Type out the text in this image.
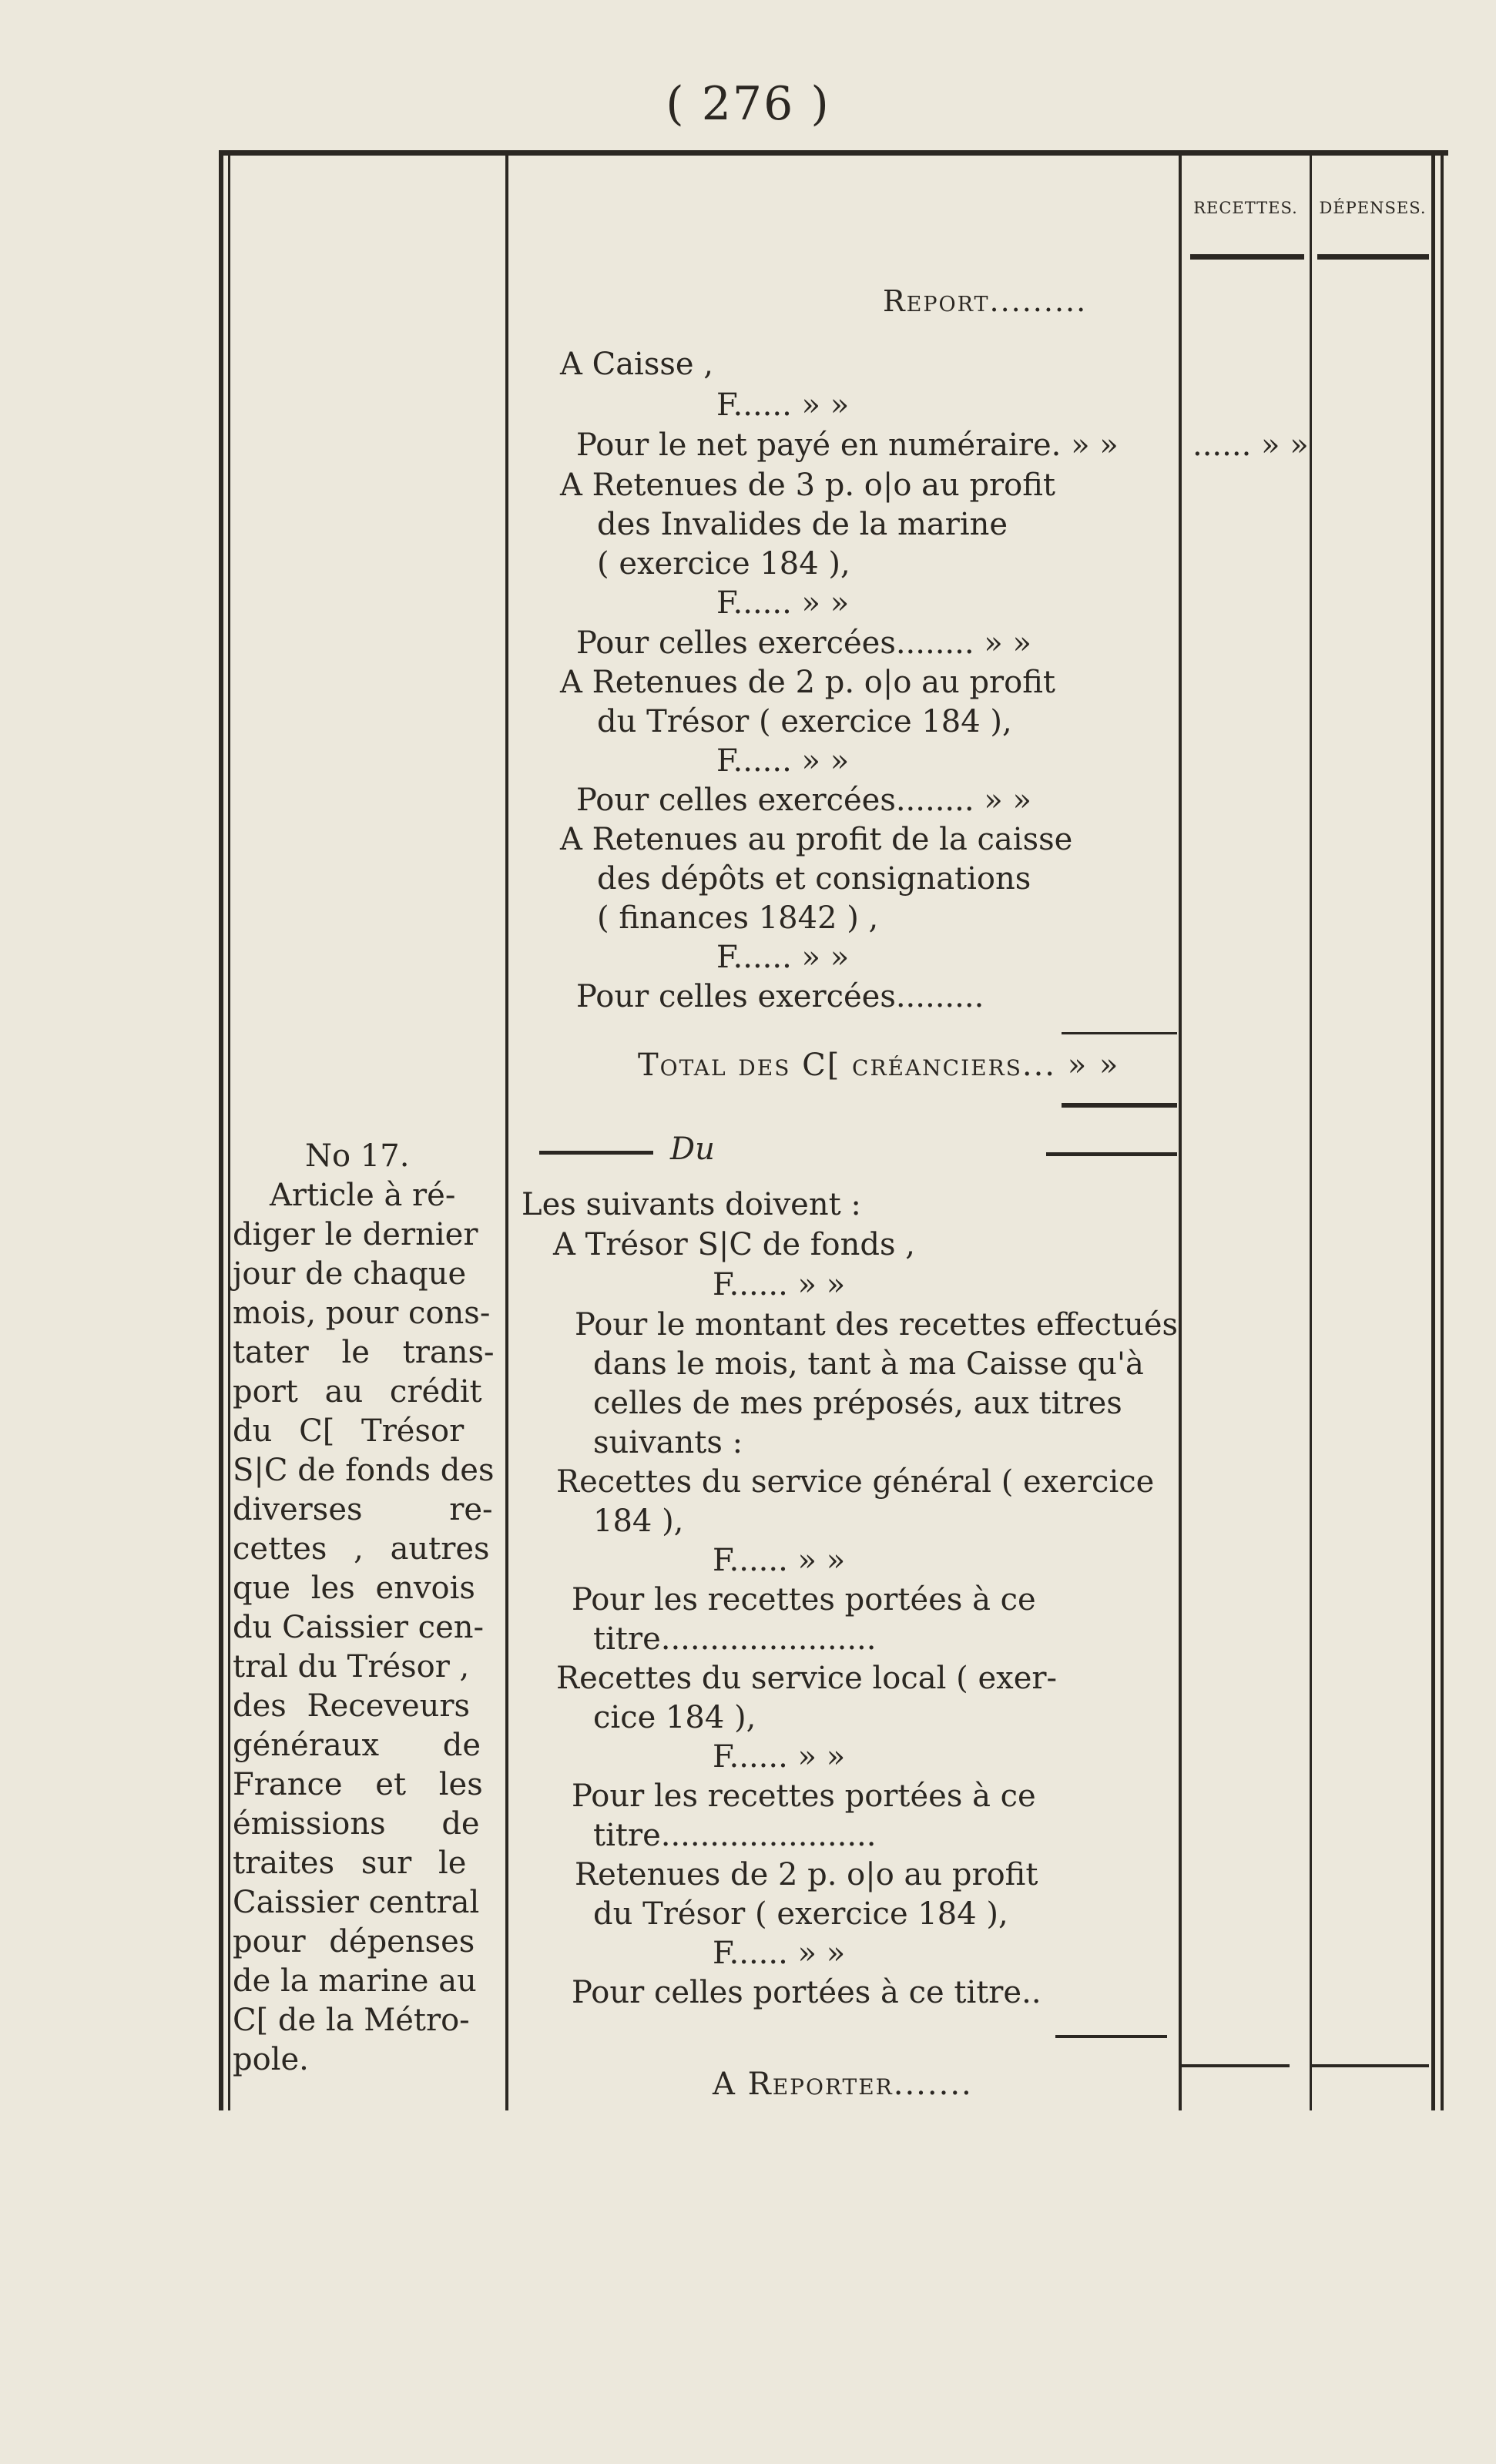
( 276 )
RECETTES.	DÉPENSES.
Report.........
A Caisse ,
F...... » »
Pour le net payé en numéraire. » » ...... » »
A Retenues de 3 p. o|o au profit
des Invalides de la marine
( exercice 184 ),
F...... » »
Pour celles exercées........ » »
A Retenues de 2 p. o|o au profit
du Trésor ( exercice 184 ),
F...... » »
Pour celles exercées........ » »
A Retenues au profit de la caisse
des dépôts et consignations
( finances 1842 ) ,
F...... » »
Pour celles exercées.........
Total des C[ créanciers... » »
Du
No 17.
Article à ré-
diger le dernier
jour de chaque
mois, pour cons-
tater le trans-
port au crédit
du C[ Trésor
S|C de fonds des
diverses re-
cettes , autres
que les envois
du Caissier cen-
tral du Trésor ,
des Receveurs
généraux de
France et les
émissions de
traites sur le
Caissier central
pour dépenses
de la marine au
C[ de la Métro-
pole.
Les suivants doivent :
A Trésor S|C de fonds ,
F...... » »
Pour le montant des recettes effectués
dans le mois, tant à ma Caisse qu'à
celles de mes préposés, aux titres
suivants :
Recettes du service général ( exercice
184 ),
F...... » »
Pour les recettes portées à ce
titre......................
Recettes du service local ( exer-
cice 184 ),
F...... » »
Pour les recettes portées à ce
titre......................
Retenues de 2 p. o|o au profit
du Trésor ( exercice 184 ),
F...... » »
Pour celles portées à ce titre..
A Reporter.......
